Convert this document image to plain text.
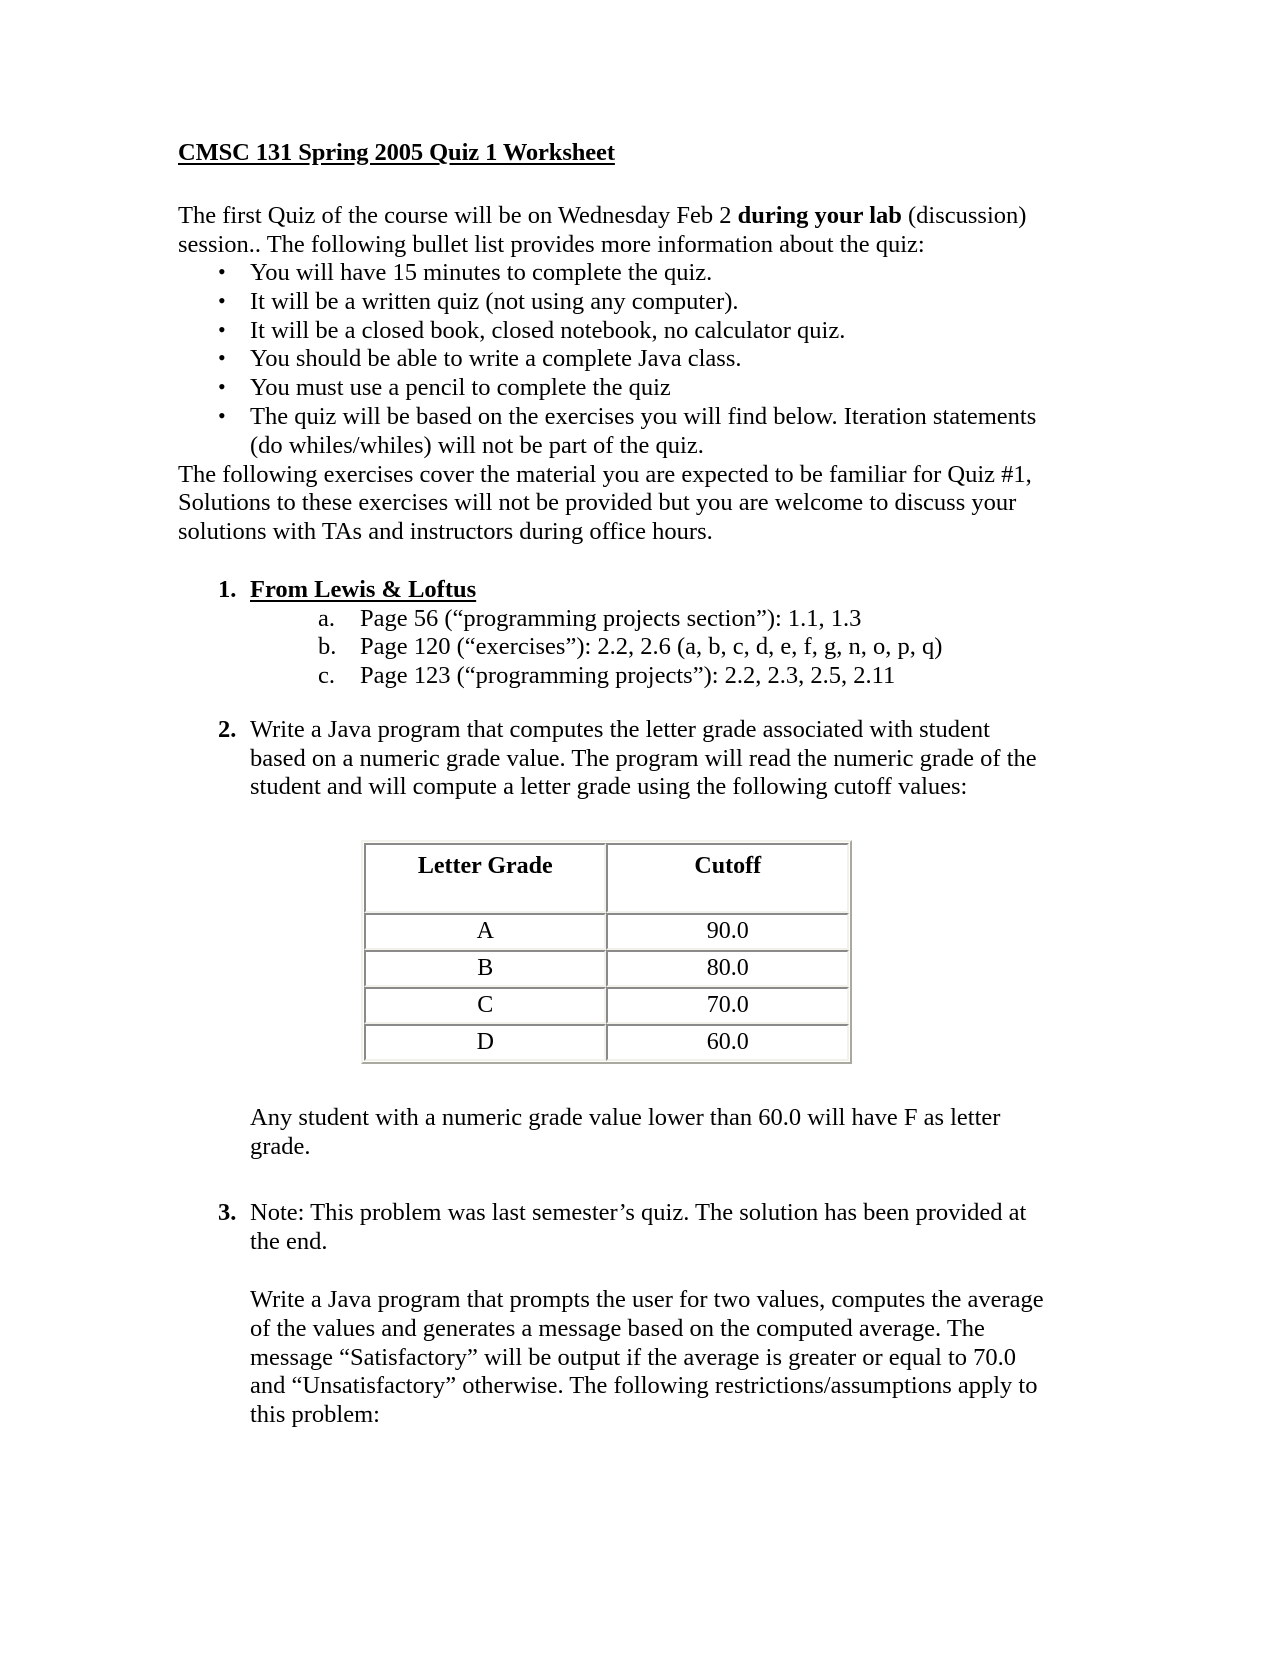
CMSC 131 Spring 2005 Quiz 1 Worksheet

The first Quiz of the course will be on Wednesday Feb 2 during your lab (discussion) session.. The following bullet list provides more information about the quiz:

• You will have 15 minutes to complete the quiz.
• It will be a written quiz (not using any computer).
• It will be a closed book, closed notebook, no calculator quiz.
• You should be able to write a complete Java class.
• You must use a pencil to complete the quiz
• The quiz will be based on the exercises you will find below. Iteration statements (do whiles/whiles) will not be part of the quiz.

The following exercises cover the material you are expected to be familiar for Quiz #1, Solutions to these exercises will not be provided but you are welcome to discuss your solutions with TAs and instructors during office hours.

1. From Lewis & Loftus
a. Page 56 (“programming projects section”): 1.1, 1.3
b. Page 120 (“exercises”): 2.2, 2.6 (a, b, c, d, e, f, g, n, o, p, q)
c. Page 123 (“programming projects”): 2.2, 2.3, 2.5, 2.11
2. Write a Java program that computes the letter grade associated with student based on a numeric grade value. The program will read the numeric grade of the student and will compute a letter grade using the following cutoff values:
Letter Grade	Cutoff
A	90.0
B	80.0
C	70.0
D	60.0

Any student with a numeric grade value lower than 60.0 will have F as letter grade.

3. Note: This problem was last semester’s quiz. The solution has been provided at the end.

Write a Java program that prompts the user for two values, computes the average of the values and generates a message based on the computed average. The message “Satisfactory” will be output if the average is greater or equal to 70.0 and “Unsatisfactory” otherwise. The following restrictions/assumptions apply to this problem:
